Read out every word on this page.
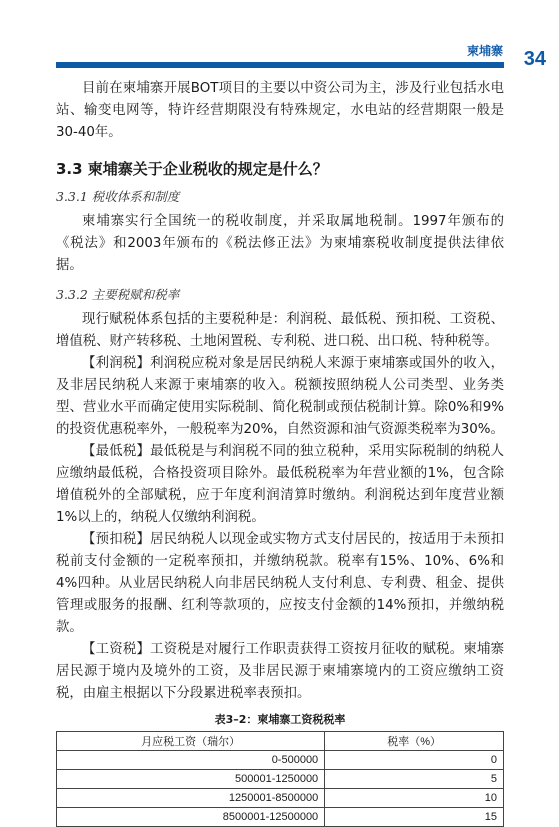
柬埔寨 34

目前在柬埔寨开展BOT项目的主要以中资公司为主，涉及行业包括水电站、输变电网等，特许经营期限没有特殊规定，水电站的经营期限一般是30-40年。

3.3 柬埔寨关于企业税收的规定是什么？
3.3.1 税收体系和制度

柬埔寨实行全国统一的税收制度，并采取属地税制。1997年颁布的《税法》和2003年颁布的《税法修正法》为柬埔寨税收制度提供法律依据。

3.3.2 主要税赋和税率

现行赋税体系包括的主要税种是：利润税、最低税、预扣税、工资税、增值税、财产转移税、土地闲置税、专利税、进口税、出口税、特种税等。

【利润税】利润税应税对象是居民纳税人来源于柬埔寨或国外的收入，及非居民纳税人来源于柬埔寨的收入。税额按照纳税人公司类型、业务类型、营业水平而确定使用实际税制、简化税制或预估税制计算。除0%和9%的投资优惠税率外，一般税率为20%，自然资源和油气资源类税率为30%。

【最低税】最低税是与利润税不同的独立税种，采用实际税制的纳税人应缴纳最低税，合格投资项目除外。最低税税率为年营业额的1%，包含除增值税外的全部赋税，应于年度利润清算时缴纳。利润税达到年度营业额1%以上的，纳税人仅缴纳利润税。

【预扣税】居民纳税人以现金或实物方式支付居民的，按适用于未预扣税前支付金额的一定税率预扣，并缴纳税款。税率有15%、10%、6%和4%四种。从业居民纳税人向非居民纳税人支付利息、专利费、租金、提供管理或服务的报酬、红利等款项的，应按支付金额的14%预扣，并缴纳税款。

【工资税】工资税是对履行工作职责获得工资按月征收的赋税。柬埔寨居民源于境内及境外的工资，及非居民源于柬埔寨境内的工资应缴纳工资税，由雇主根据以下分段累进税率表预扣。

表3–2：柬埔寨工资税税率
月应税工资（瑞尔）	税率（%）
0-500000	0
500001-1250000	5
1250001-8500000	10
8500001-12500000	15
